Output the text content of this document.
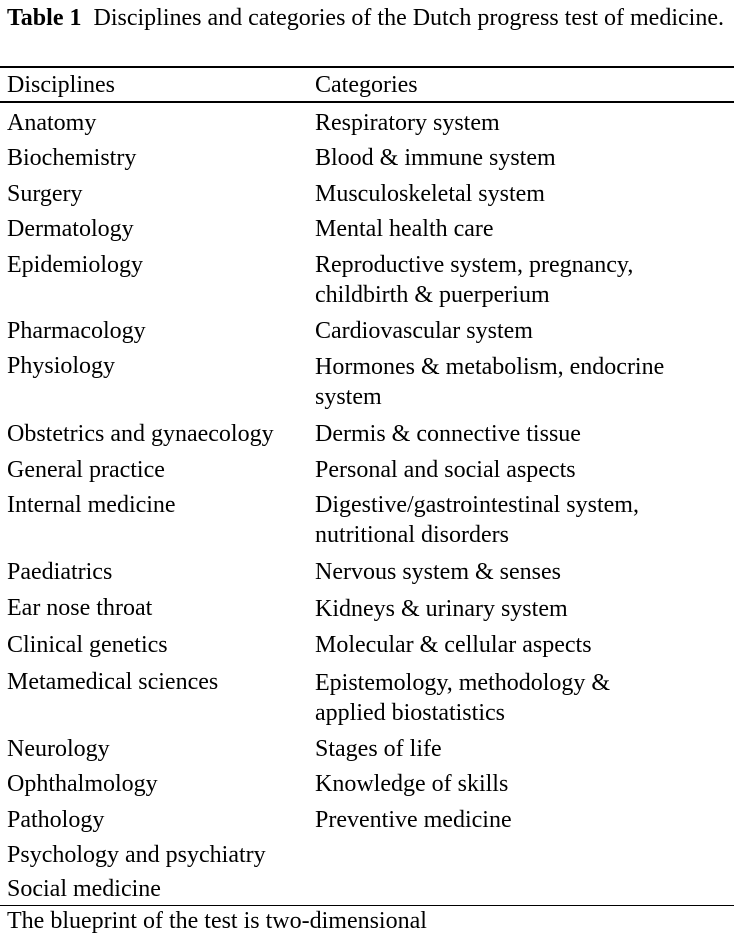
Table 1 Disciplines and categories of the Dutch progress test of medicine.
Disciplines	Categories
Anatomy
Biochemistry
Surgery
Dermatology
Epidemiology
Pharmacology
Physiology
Obstetrics and gynaecology
General practice
Internal medicine
Paediatrics
Ear nose throat
Clinical genetics
Metamedical sciences
Neurology
Ophthalmology
Pathology
Psychology and psychiatry
Social medicine
Respiratory system
Blood & immune system
Musculoskeletal system
Mental health care
Reproductive system, pregnancy,
childbirth & puerperium
Cardiovascular system
Hormones & metabolism, endocrine
system
Dermis & connective tissue
Personal and social aspects
Digestive/gastrointestinal system,
nutritional disorders
Nervous system & senses
Kidneys & urinary system
Molecular & cellular aspects
Epistemology, methodology &
applied biostatistics
Stages of life
Knowledge of skills
Preventive medicine
The blueprint of the test is two-dimensional
